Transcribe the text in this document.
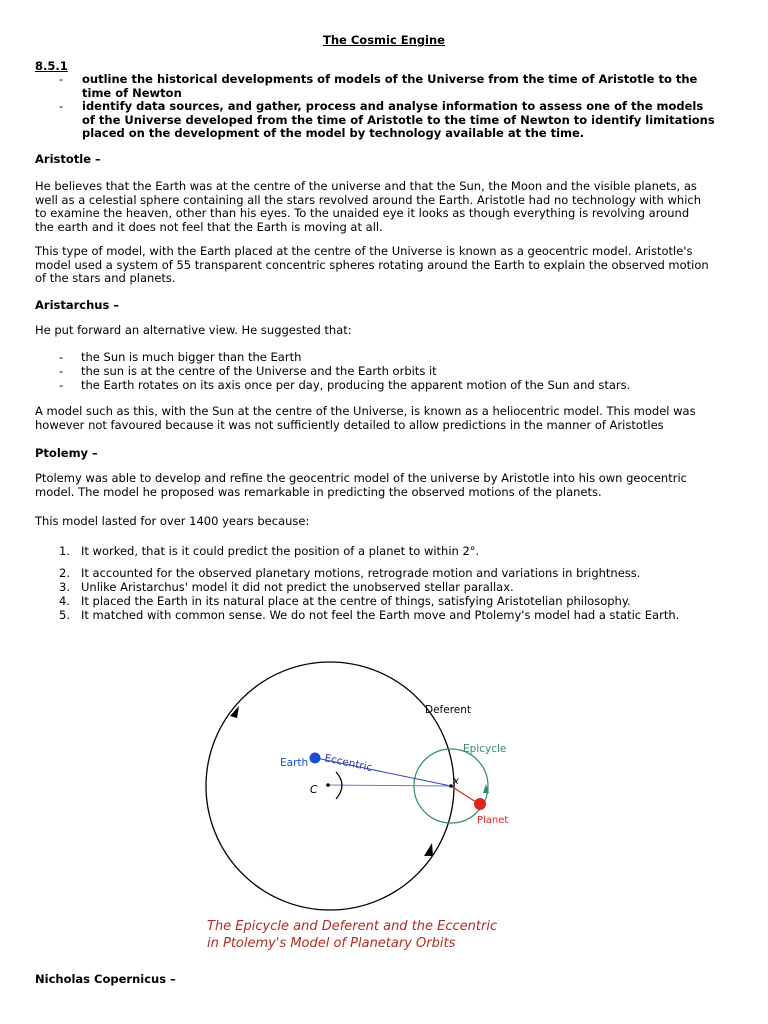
The Cosmic Engine
8.5.1
- outline the historical developments of models of the Universe from the time of Aristotle to the
time of Newton
- identify data sources, and gather, process and analyse information to assess one of the models
of the Universe developed from the time of Aristotle to the time of Newton to identify limitations
placed on the development of the model by technology available at the time.
Aristotle –
He believes that the Earth was at the centre of the universe and that the Sun, the Moon and the visible planets, as
well as a celestial sphere containing all the stars revolved around the Earth. Aristotle had no technology with which
to examine the heaven, other than his eyes. To the unaided eye it looks as though everything is revolving around
the earth and it does not feel that the Earth is moving at all.
This type of model, with the Earth placed at the centre of the Universe is known as a geocentric model. Aristotle's
model used a system of 55 transparent concentric spheres rotating around the Earth to explain the observed motion
of the stars and planets.
Aristarchus –
He put forward an alternative view. He suggested that:
- the Sun is much bigger than the Earth
- the sun is at the centre of the Universe and the Earth orbits it
- the Earth rotates on its axis once per day, producing the apparent motion of the Sun and stars.
A model such as this, with the Sun at the centre of the Universe, is known as a heliocentric model. This model was
however not favoured because it was not sufficiently detailed to allow predictions in the manner of Aristotles
Ptolemy –
Ptolemy was able to develop and refine the geocentric model of the universe by Aristotle into his own geocentric
model. The model he proposed was remarkable in predicting the observed motions of the planets.
This model lasted for over 1400 years because:
1. It worked, that is it could predict the position of a planet to within 2°.
2. It accounted for the observed planetary motions, retrograde motion and variations in brightness.
3. Unlike Aristarchus' model it did not predict the unobserved stellar parallax.
4. It placed the Earth in its natural place at the centre of things, satisfying Aristotelian philosophy.
5. It matched with common sense. We do not feel the Earth move and Ptolemy's model had a static Earth.
Deferent
Epicycle
Earth Eccentric
C
x
Planet
The Epicycle and Deferent and the Eccentric
in Ptolemy's Model of Planetary Orbits
Nicholas Copernicus –
